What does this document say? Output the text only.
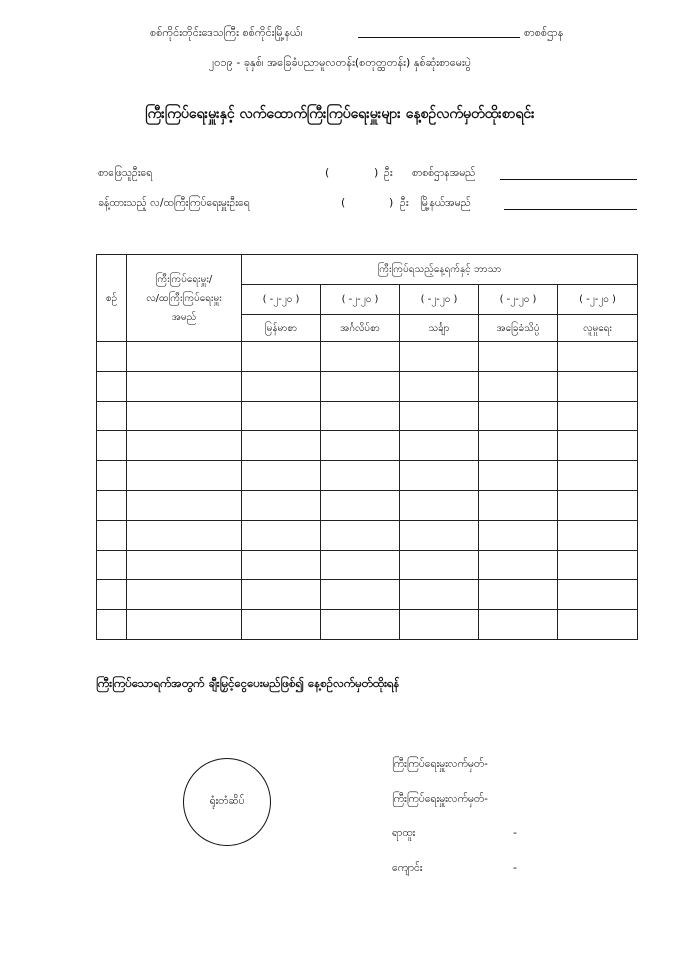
စစ်ကိုင်းတိုင်းဒေသကြီး စစ်ကိုင်းမြို့နယ်၊	စာစစ်ဌာန
၂၀၁၉ - ခုနှစ်၊ အခြေခံပညာမူလတန်း(စတုတ္ထတန်း) နှစ်ဆုံးစာမေးပွဲ
ကြီးကြပ်ရေးမှူးနှင့် လက်ထောက်ကြီးကြပ်ရေးမှူးများ နေ့စဉ်လက်မှတ်ထိုးစာရင်း
စာဖြေသူဦးရေ	(	) ဦး စာစစ်ဌာနအမည်
ခန့်ထားသည့် လ/ထကြီးကြပ်ရေးမှူးဦးရေ	(	) ဦး မြို့နယ်အမည်
စဉ်	ကြီးကြပ်ရေးမှူး/
လ/ထကြီးကြပ်ရေးမှူး
အမည်	ကြီးကြပ်ရသည့်နေ့ရက်နှင့် ဘာသာ				
		( -၂-၂၀ )	( -၂-၂၀ )	( -၂-၂၀ )	( -၂-၂၀ )	( -၂-၂၀ )
		မြန်မာစာ	အင်္ဂလိပ်စာ	သင်္ချာ	အခြေခံသိပ္ပံ	လူမှုရေး

ကြီးကြပ်သောရက်အတွက် ချီးမြှင့်ငွေပေးမည်ဖြစ်၍ နေ့စဉ်လက်မှတ်ထိုးရန်
ရုံးတံဆိပ်
ကြီးကြပ်ရေးမှူးလက်မှတ်-
ကြီးကြပ်ရေးမှူးလက်မှတ်-
ရာထူး	-
ကျောင်း	-
